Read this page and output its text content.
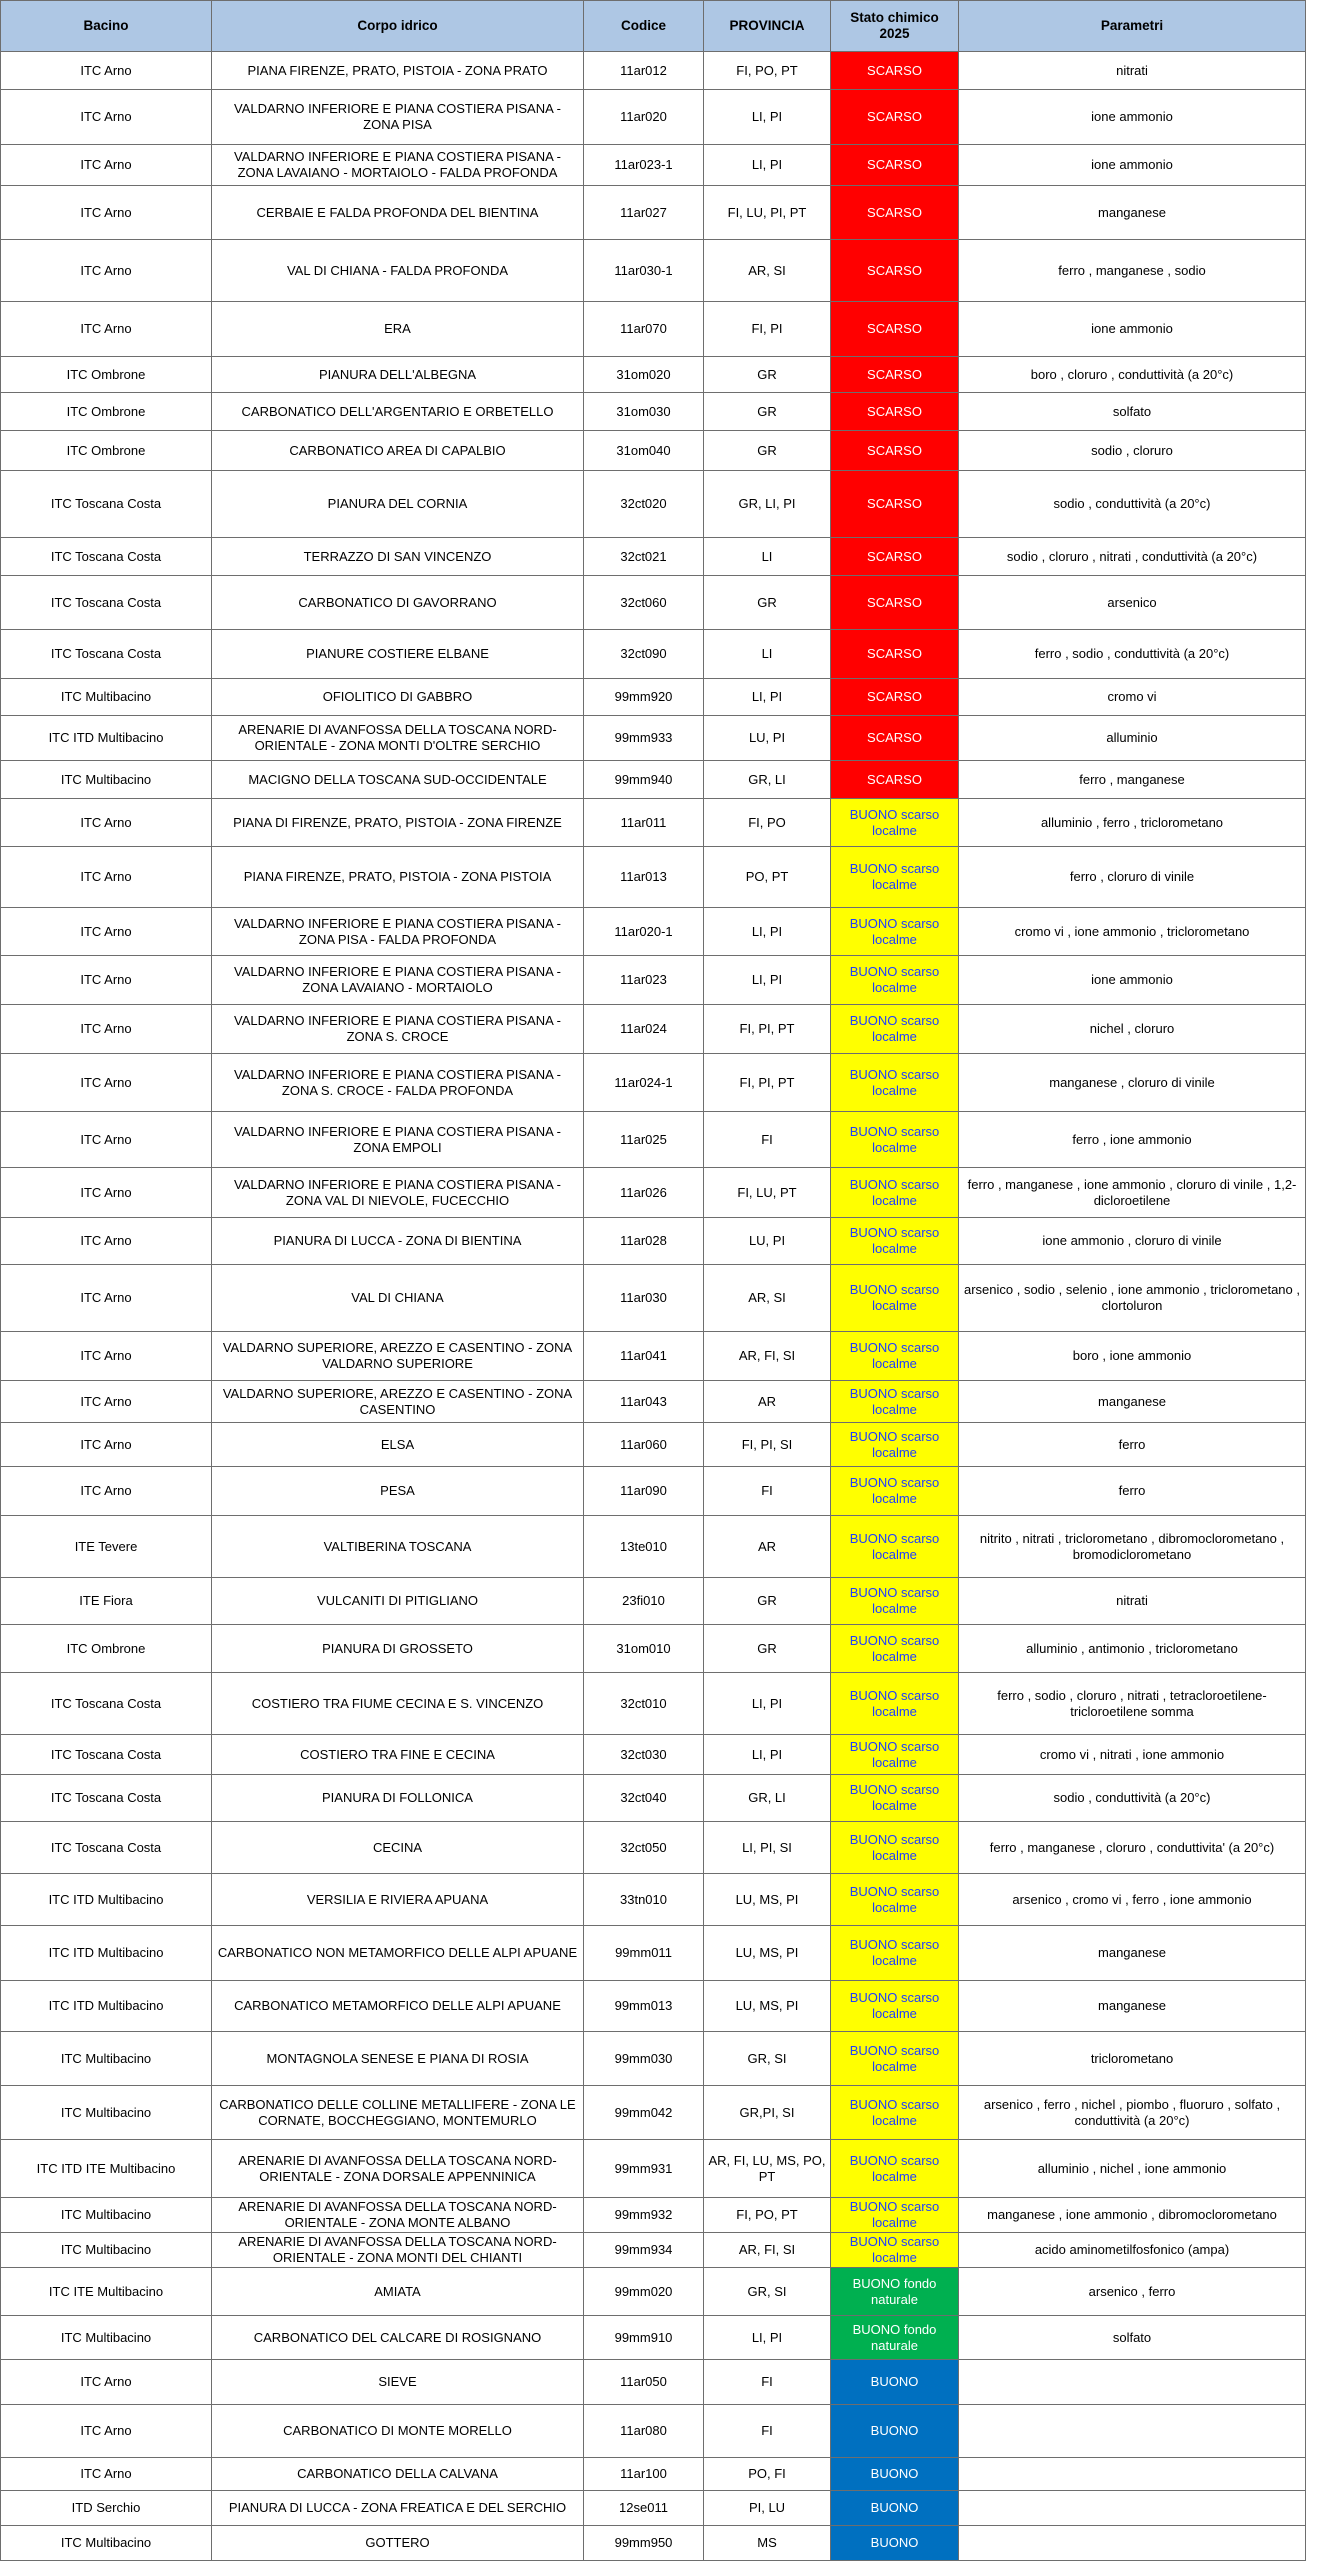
Bacino	Corpo idrico	Codice	PROVINCIA	Stato chimico 2025	Parametri
ITC Arno	PIANA FIRENZE, PRATO, PISTOIA - ZONA PRATO	11ar012	FI, PO, PT	SCARSO	nitrati
ITC Arno	VALDARNO INFERIORE E PIANA COSTIERA PISANA - ZONA PISA	11ar020	LI, PI	SCARSO	ione ammonio
ITC Arno	VALDARNO INFERIORE E PIANA COSTIERA PISANA - ZONA LAVAIANO - MORTAIOLO - FALDA PROFONDA	11ar023-1	LI, PI	SCARSO	ione ammonio
ITC Arno	CERBAIE E FALDA PROFONDA DEL BIENTINA	11ar027	FI, LU, PI, PT	SCARSO	manganese
ITC Arno	VAL DI CHIANA - FALDA PROFONDA	11ar030-1	AR, SI	SCARSO	ferro , manganese , sodio
ITC Arno	ERA	11ar070	FI, PI	SCARSO	ione ammonio
ITC Ombrone	PIANURA DELL'ALBEGNA	31om020	GR	SCARSO	boro , cloruro , conduttività (a 20°c)
ITC Ombrone	CARBONATICO DELL'ARGENTARIO E ORBETELLO	31om030	GR	SCARSO	solfato
ITC Ombrone	CARBONATICO AREA DI CAPALBIO	31om040	GR	SCARSO	sodio , cloruro
ITC Toscana Costa	PIANURA DEL CORNIA	32ct020	GR, LI, PI	SCARSO	sodio , conduttività (a 20°c)
ITC Toscana Costa	TERRAZZO DI SAN VINCENZO	32ct021	LI	SCARSO	sodio , cloruro , nitrati , conduttività (a 20°c)
ITC Toscana Costa	CARBONATICO DI GAVORRANO	32ct060	GR	SCARSO	arsenico
ITC Toscana Costa	PIANURE COSTIERE ELBANE	32ct090	LI	SCARSO	ferro , sodio , conduttività (a 20°c)
ITC Multibacino	OFIOLITICO DI GABBRO	99mm920	LI, PI	SCARSO	cromo vi
ITC ITD Multibacino	ARENARIE DI AVANFOSSA DELLA TOSCANA NORD-ORIENTALE - ZONA MONTI D'OLTRE SERCHIO	99mm933	LU, PI	SCARSO	alluminio
ITC Multibacino	MACIGNO DELLA TOSCANA SUD-OCCIDENTALE	99mm940	GR, LI	SCARSO	ferro , manganese
ITC Arno	PIANA DI FIRENZE, PRATO, PISTOIA - ZONA FIRENZE	11ar011	FI, PO	BUONO scarso localme	alluminio , ferro , triclorometano
ITC Arno	PIANA FIRENZE, PRATO, PISTOIA - ZONA PISTOIA	11ar013	PO, PT	BUONO scarso localme	ferro , cloruro di vinile
ITC Arno	VALDARNO INFERIORE E PIANA COSTIERA PISANA - ZONA PISA - FALDA PROFONDA	11ar020-1	LI, PI	BUONO scarso localme	cromo vi , ione ammonio , triclorometano
ITC Arno	VALDARNO INFERIORE E PIANA COSTIERA PISANA - ZONA LAVAIANO - MORTAIOLO	11ar023	LI, PI	BUONO scarso localme	ione ammonio
ITC Arno	VALDARNO INFERIORE E PIANA COSTIERA PISANA - ZONA S. CROCE	11ar024	FI, PI, PT	BUONO scarso localme	nichel , cloruro
ITC Arno	VALDARNO INFERIORE E PIANA COSTIERA PISANA - ZONA S. CROCE - FALDA PROFONDA	11ar024-1	FI, PI, PT	BUONO scarso localme	manganese , cloruro di vinile
ITC Arno	VALDARNO INFERIORE E PIANA COSTIERA PISANA - ZONA EMPOLI	11ar025	FI	BUONO scarso localme	ferro , ione ammonio
ITC Arno	VALDARNO INFERIORE E PIANA COSTIERA PISANA - ZONA VAL DI NIEVOLE, FUCECCHIO	11ar026	FI, LU, PT	BUONO scarso localme	ferro , manganese , ione ammonio , cloruro di vinile , 1,2-dicloroetilene
ITC Arno	PIANURA DI LUCCA - ZONA DI BIENTINA	11ar028	LU, PI	BUONO scarso localme	ione ammonio , cloruro di vinile
ITC Arno	VAL DI CHIANA	11ar030	AR, SI	BUONO scarso localme	arsenico , sodio , selenio , ione ammonio , triclorometano , clortoluron
ITC Arno	VALDARNO SUPERIORE, AREZZO E CASENTINO - ZONA VALDARNO SUPERIORE	11ar041	AR, FI, SI	BUONO scarso localme	boro , ione ammonio
ITC Arno	VALDARNO SUPERIORE, AREZZO E CASENTINO - ZONA CASENTINO	11ar043	AR	BUONO scarso localme	manganese
ITC Arno	ELSA	11ar060	FI, PI, SI	BUONO scarso localme	ferro
ITC Arno	PESA	11ar090	FI	BUONO scarso localme	ferro
ITE Tevere	VALTIBERINA TOSCANA	13te010	AR	BUONO scarso localme	nitrito , nitrati , triclorometano , dibromoclorometano , bromodiclorometano
ITE Fiora	VULCANITI DI PITIGLIANO	23fi010	GR	BUONO scarso localme	nitrati
ITC Ombrone	PIANURA DI GROSSETO	31om010	GR	BUONO scarso localme	alluminio , antimonio , triclorometano
ITC Toscana Costa	COSTIERO TRA FIUME CECINA E S. VINCENZO	32ct010	LI, PI	BUONO scarso localme	ferro , sodio , cloruro , nitrati , tetracloroetilene-tricloroetilene somma
ITC Toscana Costa	COSTIERO TRA FINE E CECINA	32ct030	LI, PI	BUONO scarso localme	cromo vi , nitrati , ione ammonio
ITC Toscana Costa	PIANURA DI FOLLONICA	32ct040	GR, LI	BUONO scarso localme	sodio , conduttività (a 20°c)
ITC Toscana Costa	CECINA	32ct050	LI, PI, SI	BUONO scarso localme	ferro , manganese , cloruro , conduttivita' (a 20°c)
ITC ITD Multibacino	VERSILIA E RIVIERA APUANA	33tn010	LU, MS, PI	BUONO scarso localme	arsenico , cromo vi , ferro , ione ammonio
ITC ITD Multibacino	CARBONATICO NON METAMORFICO DELLE ALPI APUANE	99mm011	LU, MS, PI	BUONO scarso localme	manganese
ITC ITD Multibacino	CARBONATICO METAMORFICO DELLE ALPI APUANE	99mm013	LU, MS, PI	BUONO scarso localme	manganese
ITC Multibacino	MONTAGNOLA SENESE E PIANA DI ROSIA	99mm030	GR, SI	BUONO scarso localme	triclorometano
ITC Multibacino	CARBONATICO DELLE COLLINE METALLIFERE - ZONA LE CORNATE, BOCCHEGGIANO, MONTEMURLO	99mm042	GR,PI, SI	BUONO scarso localme	arsenico , ferro , nichel , piombo , fluoruro , solfato , conduttività (a 20°c)
ITC ITD ITE Multibacino	ARENARIE DI AVANFOSSA DELLA TOSCANA NORD-ORIENTALE - ZONA DORSALE APPENNINICA	99mm931	AR, FI, LU, MS, PO, PT	BUONO scarso localme	alluminio , nichel , ione ammonio
ITC Multibacino	ARENARIE DI AVANFOSSA DELLA TOSCANA NORD-ORIENTALE - ZONA MONTE ALBANO	99mm932	FI, PO, PT	BUONO scarso localme	manganese , ione ammonio , dibromoclorometano
ITC Multibacino	ARENARIE DI AVANFOSSA DELLA TOSCANA NORD-ORIENTALE - ZONA MONTI DEL CHIANTI	99mm934	AR, FI, SI	BUONO scarso localme	acido aminometilfosfonico (ampa)
ITC ITE Multibacino	AMIATA	99mm020	GR, SI	BUONO fondo naturale	arsenico , ferro
ITC Multibacino	CARBONATICO DEL CALCARE DI ROSIGNANO	99mm910	LI, PI	BUONO fondo naturale	solfato
ITC Arno	SIEVE	11ar050	FI	BUONO	
ITC Arno	CARBONATICO DI MONTE MORELLO	11ar080	FI	BUONO	
ITC Arno	CARBONATICO DELLA CALVANA	11ar100	PO, FI	BUONO	
ITD Serchio	PIANURA DI LUCCA - ZONA FREATICA E DEL SERCHIO	12se011	PI, LU	BUONO	
ITC Multibacino	GOTTERO	99mm950	MS	BUONO	
